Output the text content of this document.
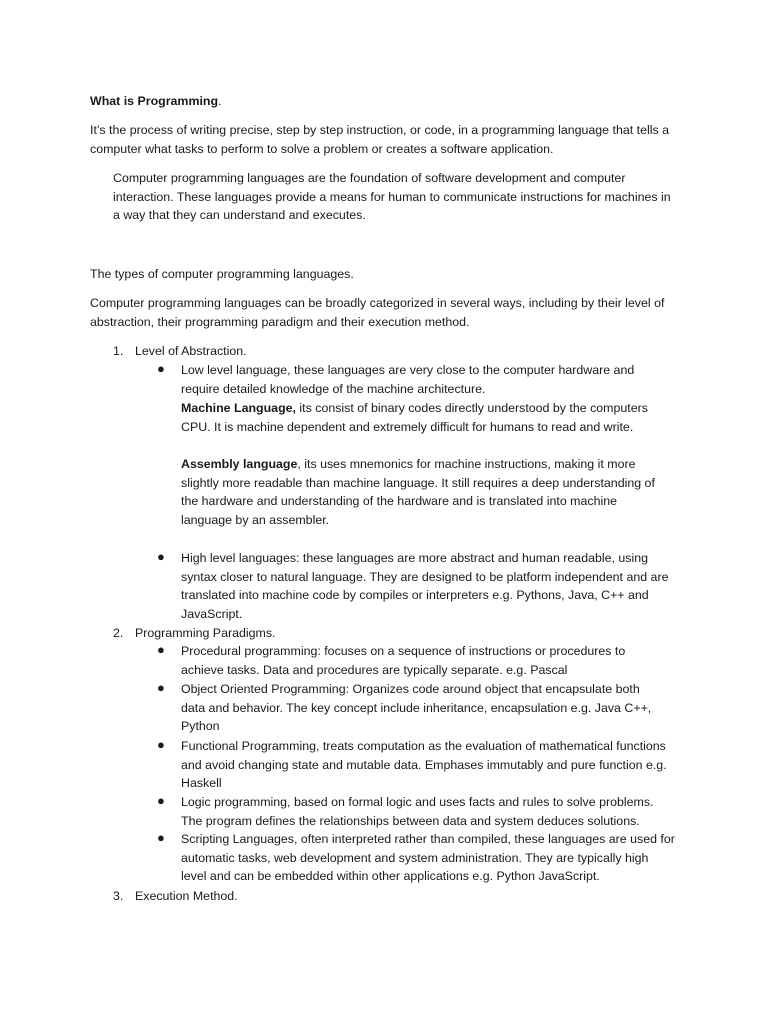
What is Programming.

It’s the process of writing precise, step by step instruction, or code, in a programming language that tells a computer what tasks to perform to solve a problem or creates a software application.

Computer programming languages are the foundation of software development and computer interaction. These languages provide a means for human to communicate instructions for machines in a way that they can understand and executes.

The types of computer programming languages.

Computer programming languages can be broadly categorized in several ways, including by their level of abstraction, their programming paradigm and their execution method.

1. Level of Abstraction.
● Low level language, these languages are very close to the computer hardware and require detailed knowledge of the machine architecture.

Machine Language, its consist of binary codes directly understood by the computers CPU. It is machine dependent and extremely difficult for humans to read and write.

Assembly language, its uses mnemonics for machine instructions, making it more slightly more readable than machine language. It still requires a deep understanding of the hardware and understanding of the hardware and is translated into machine language by an assembler.

● High level languages: these languages are more abstract and human readable, using syntax closer to natural language. They are designed to be platform independent and are translated into machine code by compiles or interpreters e.g. Pythons, Java, C++ and JavaScript.

2. Programming Paradigms.
● Procedural programming: focuses on a sequence of instructions or procedures to achieve tasks. Data and procedures are typically separate. e.g. Pascal

● Object Oriented Programming: Organizes code around object that encapsulate both data and behavior. The key concept include inheritance, encapsulation e.g. Java C++, Python

● Functional Programming, treats computation as the evaluation of mathematical functions and avoid changing state and mutable data. Emphases immutably and pure function e.g. Haskell

● Logic programming, based on formal logic and uses facts and rules to solve problems. The program defines the relationships between data and system deduces solutions.

● Scripting Languages, often interpreted rather than compiled, these languages are used for automatic tasks, web development and system administration. They are typically high level and can be embedded within other applications e.g. Python JavaScript.

3. Execution Method.
